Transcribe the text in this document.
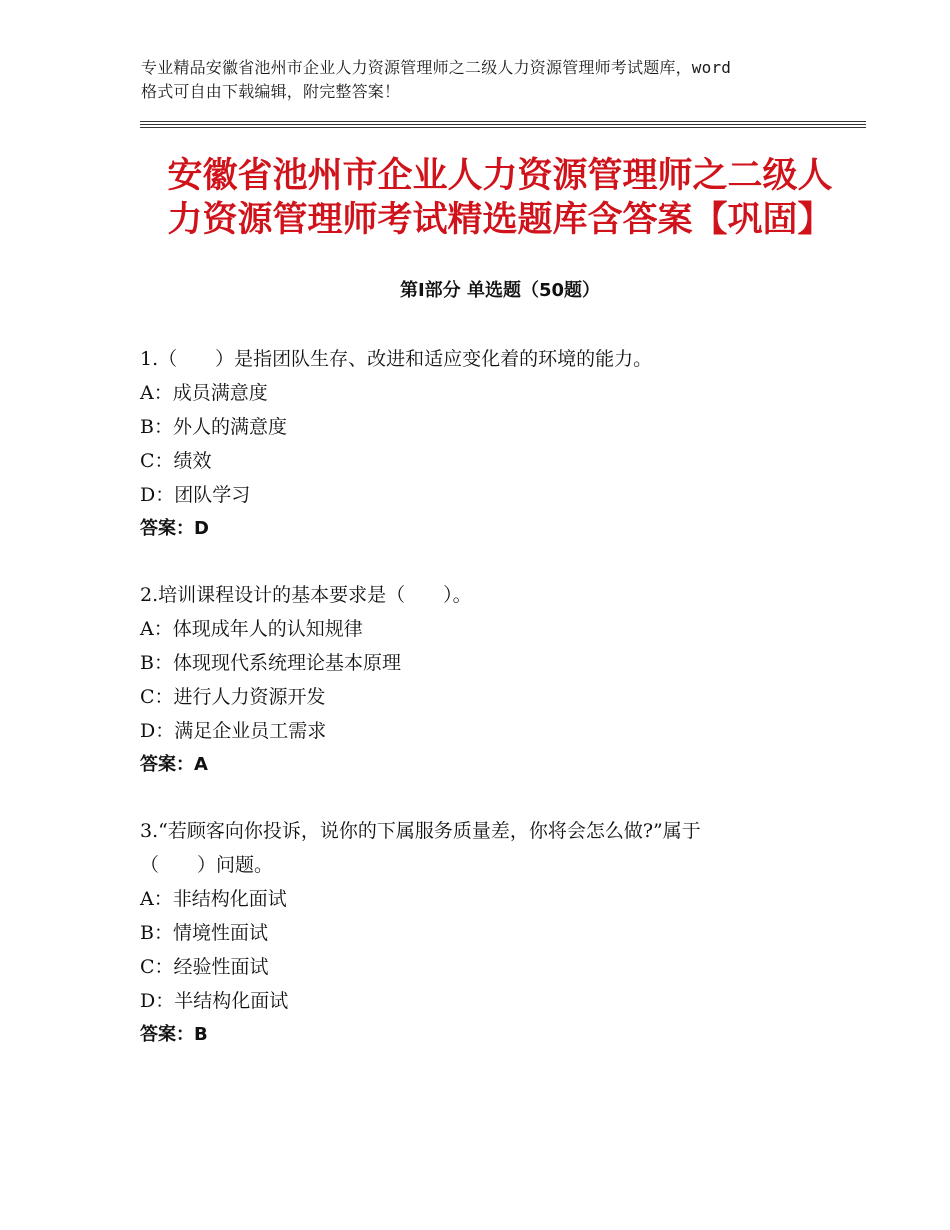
专业精品安徽省池州市企业人力资源管理师之二级人力资源管理师考试题库，word
格式可自由下载编辑，附完整答案！
安徽省池州市企业人力资源管理师之二级人
力资源管理师考试精选题库含答案【巩固】
第Ⅰ部分 单选题（50题）
1.（　　）是指团队生存、改进和适应变化着的环境的能力。
A：成员满意度
B：外人的满意度
C：绩效
D：团队学习
答案：D
2.培训课程设计的基本要求是（　　）。
A：体现成年人的认知规律
B：体现现代系统理论基本原理
C：进行人力资源开发
D：满足企业员工需求
答案：A
3.“若顾客向你投诉，说你的下属服务质量差，你将会怎么做?”属于
（　　）问题。
A：非结构化面试
B：情境性面试
C：经验性面试
D：半结构化面试
答案：B
